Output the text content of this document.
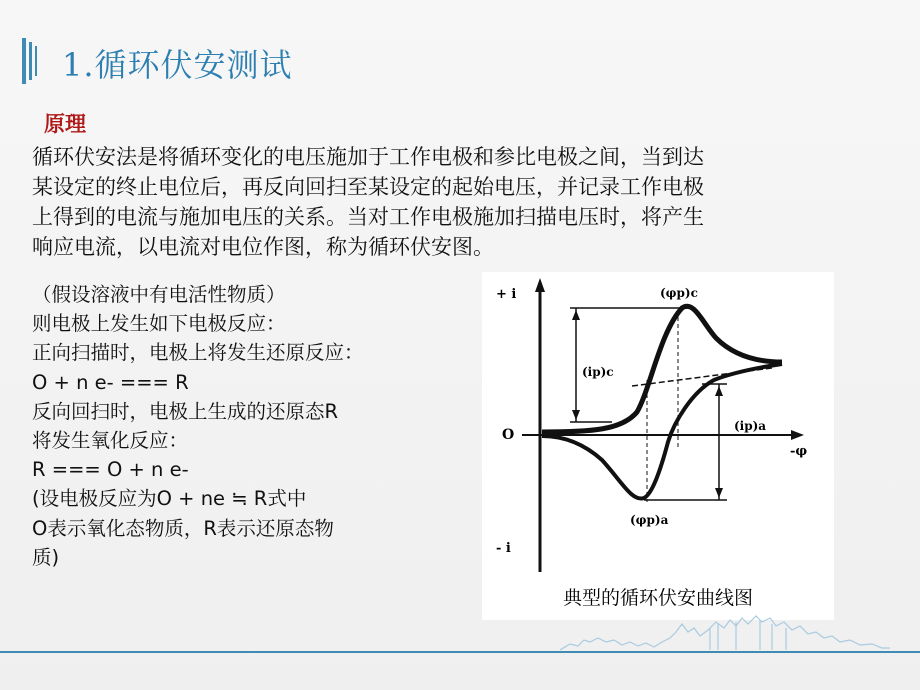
1.循环伏安测试
原理
循环伏安法是将循环变化的电压施加于工作电极和参比电极之间，当到达
某设定的终止电位后，再反向回扫至某设定的起始电压，并记录工作电极
上得到的电流与施加电压的关系。当对工作电极施加扫描电压时，将产生
响应电流，以电流对电位作图，称为循环伏安图。
（假设溶液中有电活性物质）
则电极上发生如下电极反应：
正向扫描时，电极上将发生还原反应：
O + n e- === R
反向回扫时，电极上生成的还原态R
将发生氧化反应：
R === O + n e-
(设电极反应为O + ne ≒ R式中
O表示氧化态物质，R表示还原态物
质)
+ i
- i
O
-φ
(φp)c
(φp)a
(ip)c
(ip)a
典型的循环伏安曲线图
